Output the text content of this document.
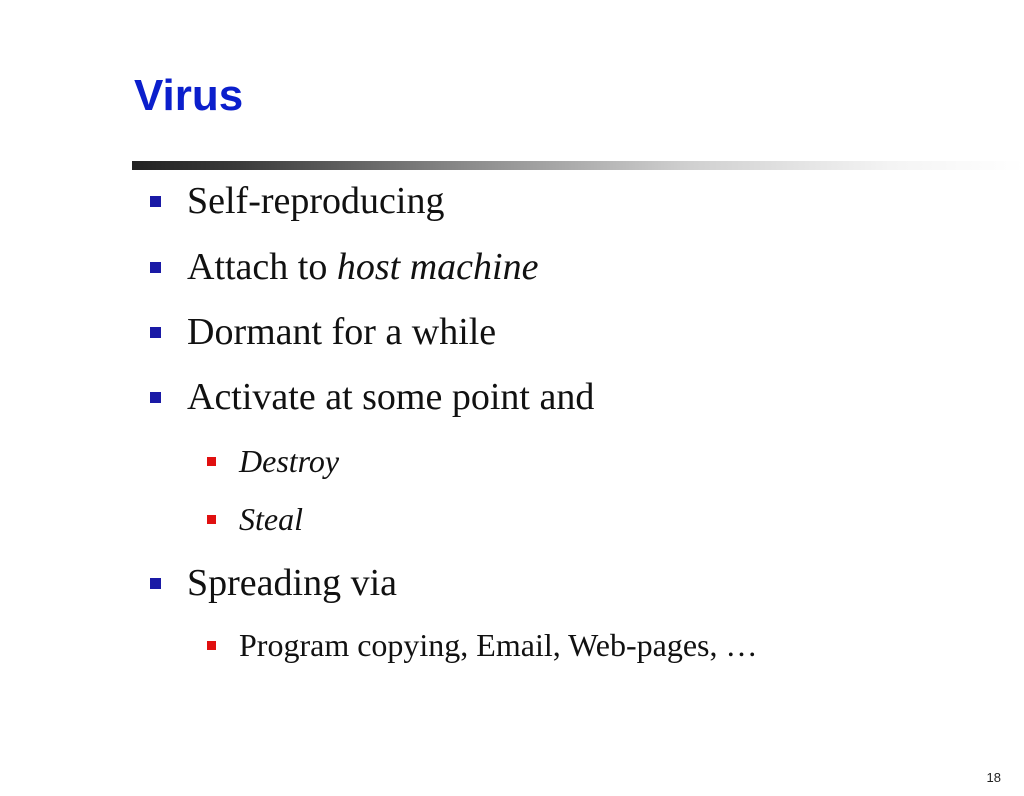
Virus
Self-reproducing
Attach to host machine
Dormant for a while
Activate at some point and
Destroy
Steal
Spreading via
Program copying, Email, Web-pages, …
18
